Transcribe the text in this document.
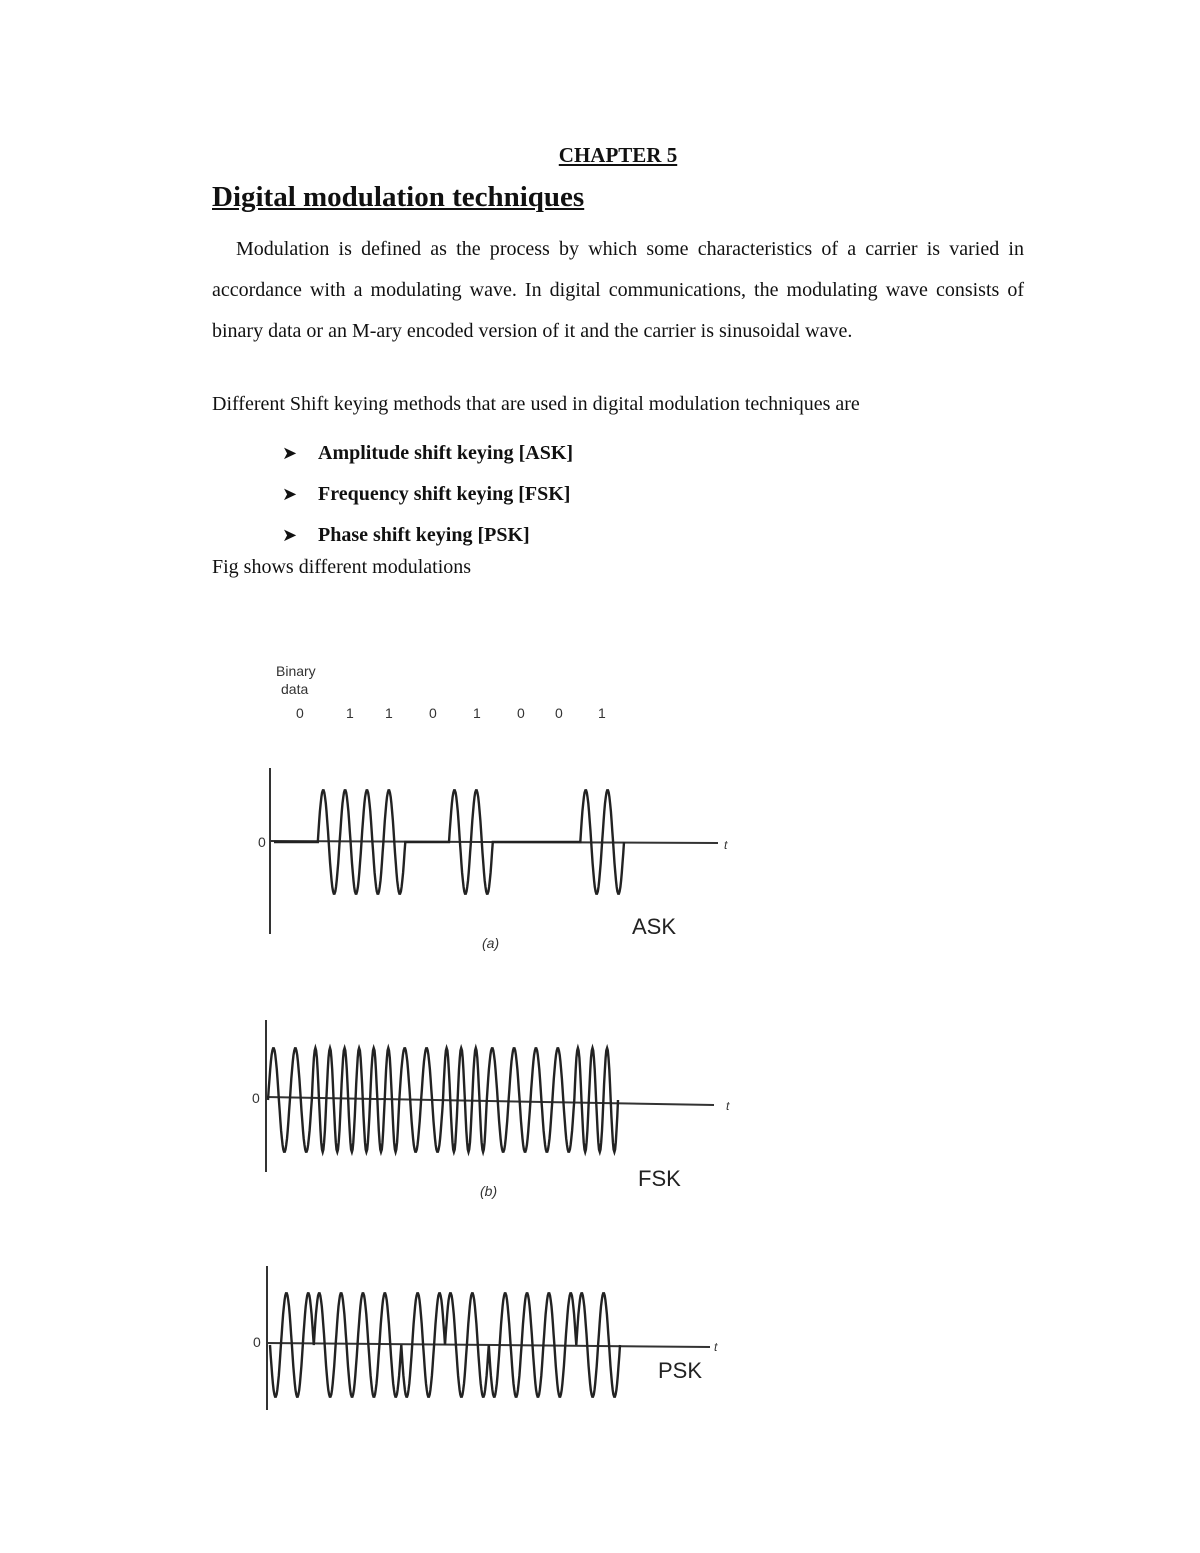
CHAPTER 5
Digital modulation techniques
Modulation is defined as the process by which some characteristics of a carrier is varied in accordance with a modulating wave. In digital communications, the modulating wave consists of binary data or an M-ary encoded version of it and the carrier is sinusoidal wave.
Different Shift keying methods that are used in digital modulation techniques are
➤	Amplitude shift keying [ASK]
➤	Frequency shift keying [FSK]
➤	Phase shift keying [PSK]
Fig shows different modulations
Binary
data
0	1 1	0	1	0 0	1
0	t
(a)
ASK
0	t
(b)	FSK
0	t
PSK
